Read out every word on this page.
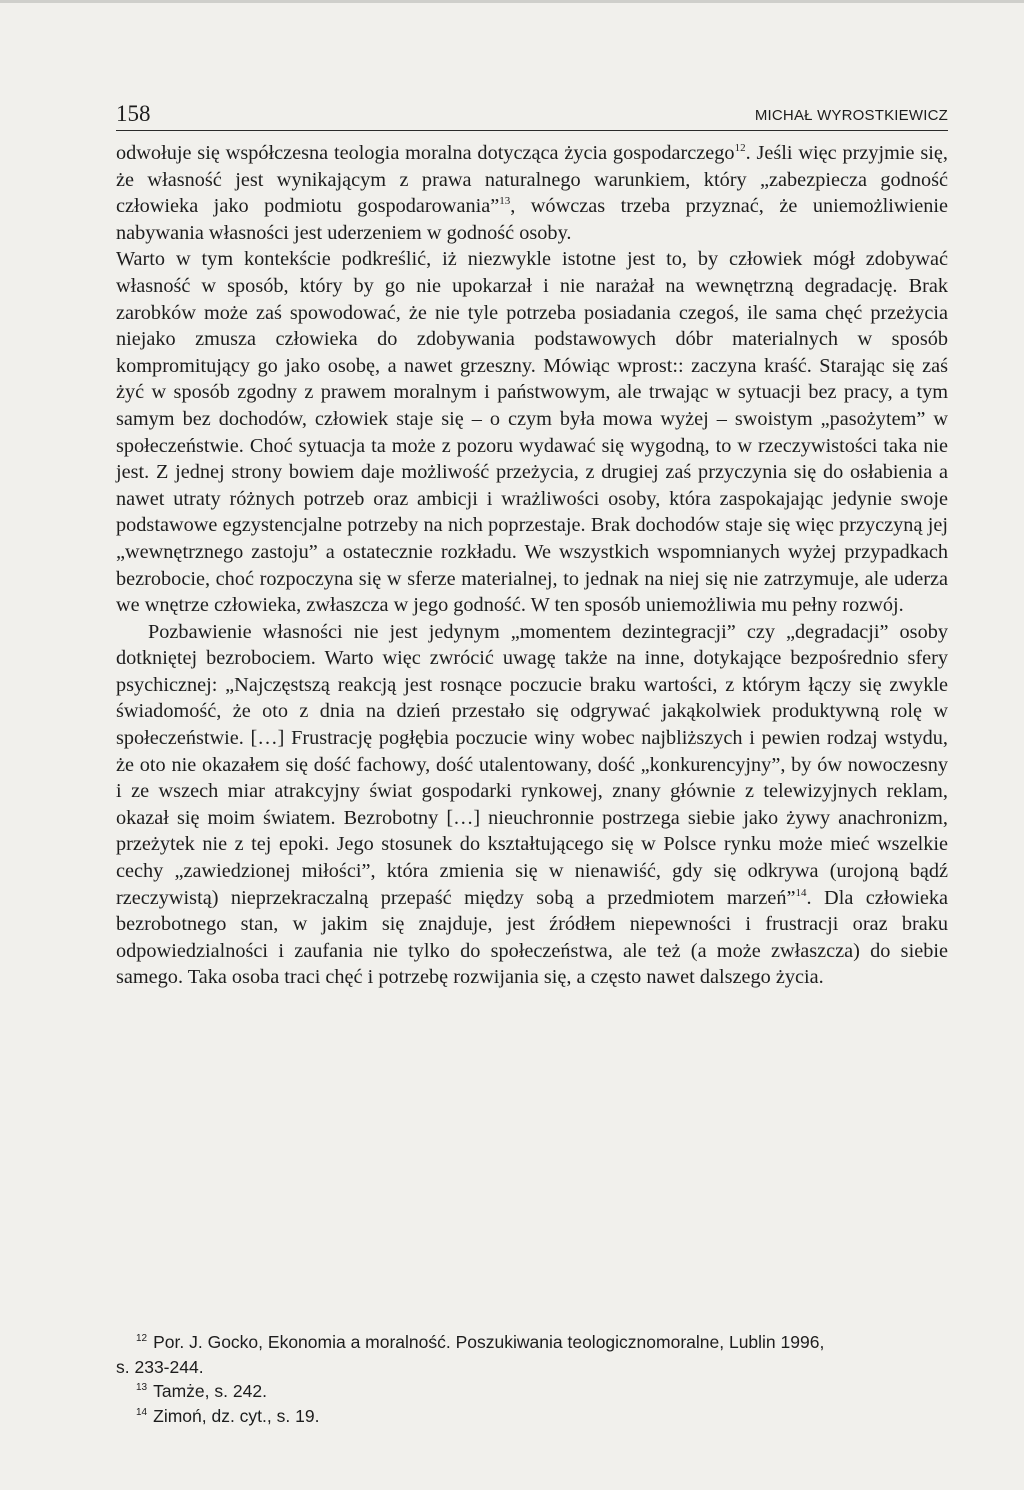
158	MICHAŁ WYROSTKIEWICZ

odwołuje się współczesna teologia moralna dotycząca życia gospodarczego$^{12}$. Jeśli więc przyjmie się, że własność jest wynikającym z prawa naturalnego warunkiem, który „zabezpiecza godność człowieka jako podmiotu gospodarowania”$^{13}$, wówczas trzeba przyznać, że uniemożliwienie nabywania własności jest uderzeniem w godność osoby.

Warto w tym kontekście podkreślić, iż niezwykle istotne jest to, by człowiek mógł zdobywać własność w sposób, który by go nie upokarzał i nie narażał na wewnętrzną degradację. Brak zarobków może zaś spowodować, że nie tyle potrzeba posiadania czegoś, ile sama chęć przeżycia niejako zmusza człowieka do zdobywania podstawowych dóbr materialnych w sposób kompromitujący go jako osobę, a nawet grzeszny. Mówiąc wprost:: zaczyna kraść. Starając się zaś żyć w sposób zgodny z prawem moralnym i państwowym, ale trwając w sytuacji bez pracy, a tym samym bez dochodów, człowiek staje się – o czym była mowa wyżej – swoistym „pasożytem” w społeczeństwie. Choć sytuacja ta może z pozoru wydawać się wygodną, to w rzeczywistości taka nie jest. Z jednej strony bowiem daje możliwość przeżycia, z drugiej zaś przyczynia się do osłabienia a nawet utraty różnych potrzeb oraz ambicji i wrażliwości osoby, która zaspokajając jedynie swoje podstawowe egzystencjalne potrzeby na nich poprzestaje. Brak dochodów staje się więc przyczyną jej „wewnętrznego zastoju” a ostatecznie rozkładu. We wszystkich wspomnianych wyżej przypadkach bezrobocie, choć rozpoczyna się w sferze materialnej, to jednak na niej się nie zatrzymuje, ale uderza we wnętrze człowieka, zwłaszcza w jego godność. W ten sposób uniemożliwia mu pełny rozwój.

Pozbawienie własności nie jest jedynym „momentem dezintegracji” czy „degradacji” osoby dotkniętej bezrobociem. Warto więc zwrócić uwagę także na inne, dotykające bezpośrednio sfery psychicznej: „Najczęstszą reakcją jest rosnące poczucie braku wartości, z którym łączy się zwykle świadomość, że oto z dnia na dzień przestało się odgrywać jakąkolwiek produktywną rolę w społeczeństwie. […] Frustrację pogłębia poczucie winy wobec najbliższych i pewien rodzaj wstydu, że oto nie okazałem się dość fachowy, dość utalentowany, dość „konkurencyjny”, by ów nowoczesny i ze wszech miar atrakcyjny świat gospodarki rynkowej, znany głównie z telewizyjnych reklam, okazał się moim światem. Bezrobotny […] nieuchronnie postrzega siebie jako żywy anachronizm, przeżytek nie z tej epoki. Jego stosunek do kształtującego się w Polsce rynku może mieć wszelkie cechy „zawiedzionej miłości”, która zmienia się w nienawiść, gdy się odkrywa (urojoną bądź rzeczywistą) nieprzekraczalną przepaść między sobą a przedmiotem marzeń”$^{14}$. Dla człowieka bezrobotnego stan, w jakim się znajduje, jest źródłem niepewności i frustracji oraz braku odpowiedzialności i zaufania nie tylko do społeczeństwa, ale też (a może zwłaszcza) do siebie samego. Taka osoba traci chęć i potrzebę rozwijania się, a często nawet dalszego życia.

$^{12}$ Por. J. Gocko, Ekonomia a moralność. Poszukiwania teologicznomoralne, Lublin 1996,

s. 233-244.

$^{13}$ Tamże, s. 242.

$^{14}$ Zimoń, dz. cyt., s. 19.
